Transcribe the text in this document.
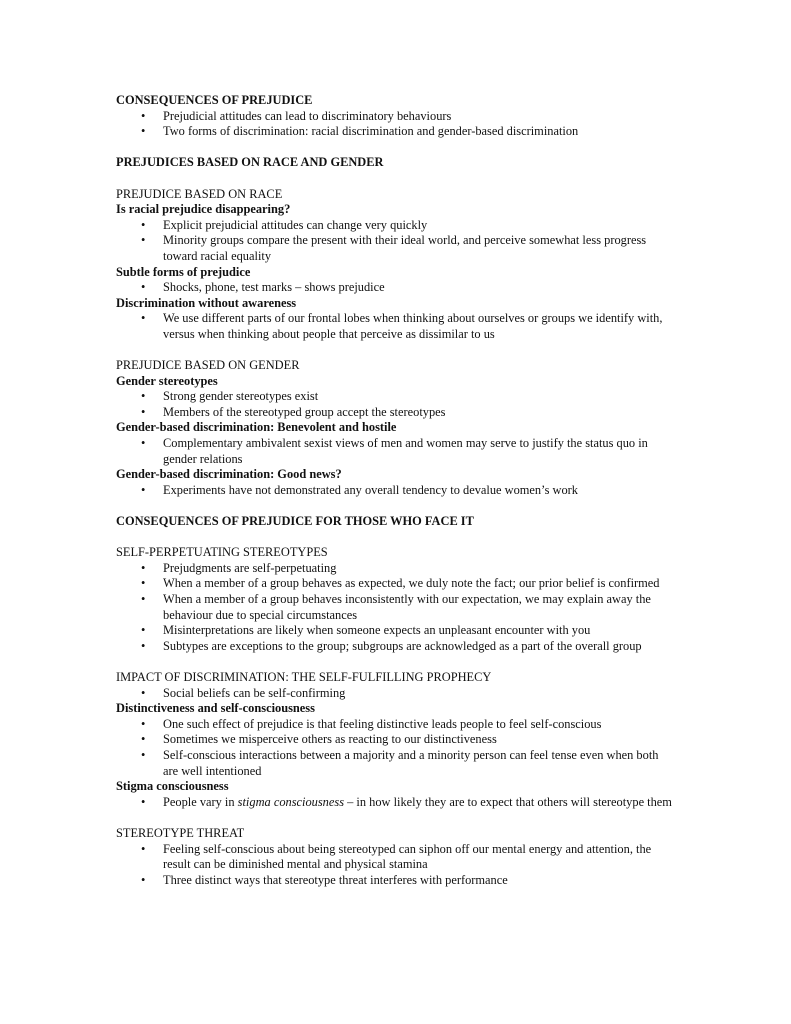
CONSEQUENCES OF PREJUDICE

• Prejudicial attitudes can lead to discriminatory behaviours
• Two forms of discrimination: racial discrimination and gender-based discrimination

PREJUDICES BASED ON RACE AND GENDER

PREJUDICE BASED ON RACE

Is racial prejudice disappearing?

• Explicit prejudicial attitudes can change very quickly
• Minority groups compare the present with their ideal world, and perceive somewhat less progress toward racial equality

Subtle forms of prejudice

• Shocks, phone, test marks – shows prejudice

Discrimination without awareness

• We use different parts of our frontal lobes when thinking about ourselves or groups we identify with, versus when thinking about people that perceive as dissimilar to us

PREJUDICE BASED ON GENDER

Gender stereotypes

• Strong gender stereotypes exist
• Members of the stereotyped group accept the stereotypes

Gender-based discrimination: Benevolent and hostile

• Complementary ambivalent sexist views of men and women may serve to justify the status quo in gender relations

Gender-based discrimination: Good news?

• Experiments have not demonstrated any overall tendency to devalue women’s work

CONSEQUENCES OF PREJUDICE FOR THOSE WHO FACE IT

SELF-PERPETUATING STEREOTYPES

• Prejudgments are self-perpetuating
• When a member of a group behaves as expected, we duly note the fact; our prior belief is confirmed
• When a member of a group behaves inconsistently with our expectation, we may explain away the behaviour due to special circumstances
• Misinterpretations are likely when someone expects an unpleasant encounter with you
• Subtypes are exceptions to the group; subgroups are acknowledged as a part of the overall group

IMPACT OF DISCRIMINATION: THE SELF-FULFILLING PROPHECY

• Social beliefs can be self-confirming

Distinctiveness and self-consciousness

• One such effect of prejudice is that feeling distinctive leads people to feel self-conscious
• Sometimes we misperceive others as reacting to our distinctiveness
• Self-conscious interactions between a majority and a minority person can feel tense even when both are well intentioned

Stigma consciousness

• People vary in stigma consciousness – in how likely they are to expect that others will stereotype them

STEREOTYPE THREAT

• Feeling self-conscious about being stereotyped can siphon off our mental energy and attention, the result can be diminished mental and physical stamina
• Three distinct ways that stereotype threat interferes with performance
